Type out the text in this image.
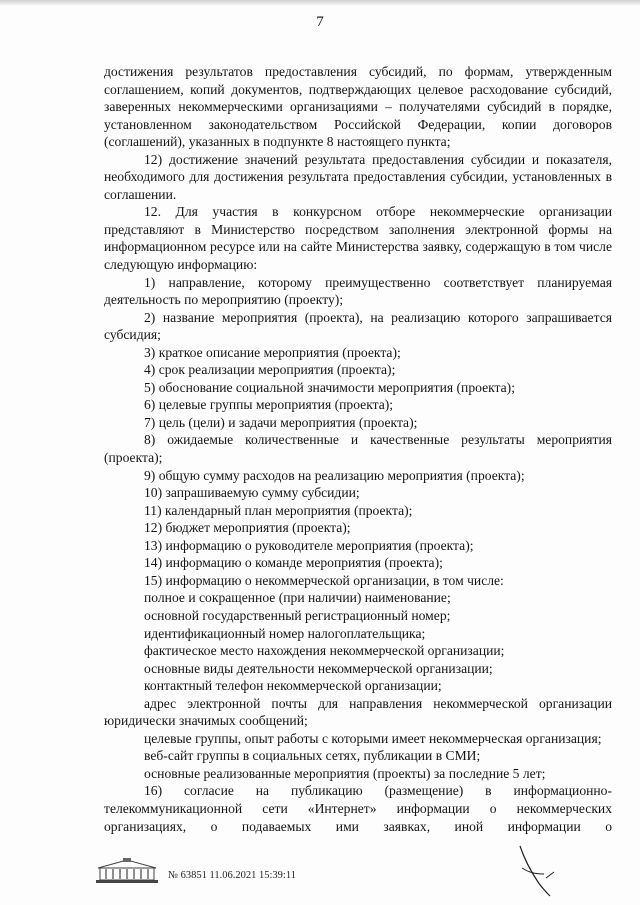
7

достижения результатов предоставления субсидий, по формам, утвержденным соглашением, копий документов, подтверждающих целевое расходование субсидий, заверенных некоммерческими организациями – получателями субсидий в порядке, установленном законодательством Российской Федерации, копии договоров (соглашений), указанных в подпункте 8 настоящего пункта;

12) достижение значений результата предоставления субсидии и показателя, необходимого для достижения результата предоставления субсидии, установленных в соглашении.

12. Для участия в конкурсном отборе некоммерческие организации представляют в Министерство посредством заполнения электронной формы на информационном ресурсе или на сайте Министерства заявку, содержащую в том числе следующую информацию:

1) направление, которому преимущественно соответствует планируемая деятельность по мероприятию (проекту);

2) название мероприятия (проекта), на реализацию которого запрашивается субсидия;

3) краткое описание мероприятия (проекта);

4) срок реализации мероприятия (проекта);

5) обоснование социальной значимости мероприятия (проекта);

6) целевые группы мероприятия (проекта);

7) цель (цели) и задачи мероприятия (проекта);

8) ожидаемые количественные и качественные результаты мероприятия (проекта);

9) общую сумму расходов на реализацию мероприятия (проекта);

10) запрашиваемую сумму субсидии;

11) календарный план мероприятия (проекта);

12) бюджет мероприятия (проекта);

13) информацию о руководителе мероприятия (проекта);

14) информацию о команде мероприятия (проекта);

15) информацию о некоммерческой организации, в том числе:

полное и сокращенное (при наличии) наименование;

основной государственный регистрационный номер;

идентификационный номер налогоплательщика;

фактическое место нахождения некоммерческой организации;

основные виды деятельности некоммерческой организации;

контактный телефон некоммерческой организации;

адрес электронной почты для направления некоммерческой организации юридически значимых сообщений;

целевые группы, опыт работы с которыми имеет некоммерческая организация;

веб-сайт группы в социальных сетях, публикации в СМИ;

основные реализованные мероприятия (проекты) за последние 5 лет;

16) согласие на публикацию (размещение) в информационно-телекоммуникационной сети «Интернет» информации о некоммерческих организациях, о подаваемых ими заявках, иной информации о

№ 63851 11.06.2021 15:39:11
